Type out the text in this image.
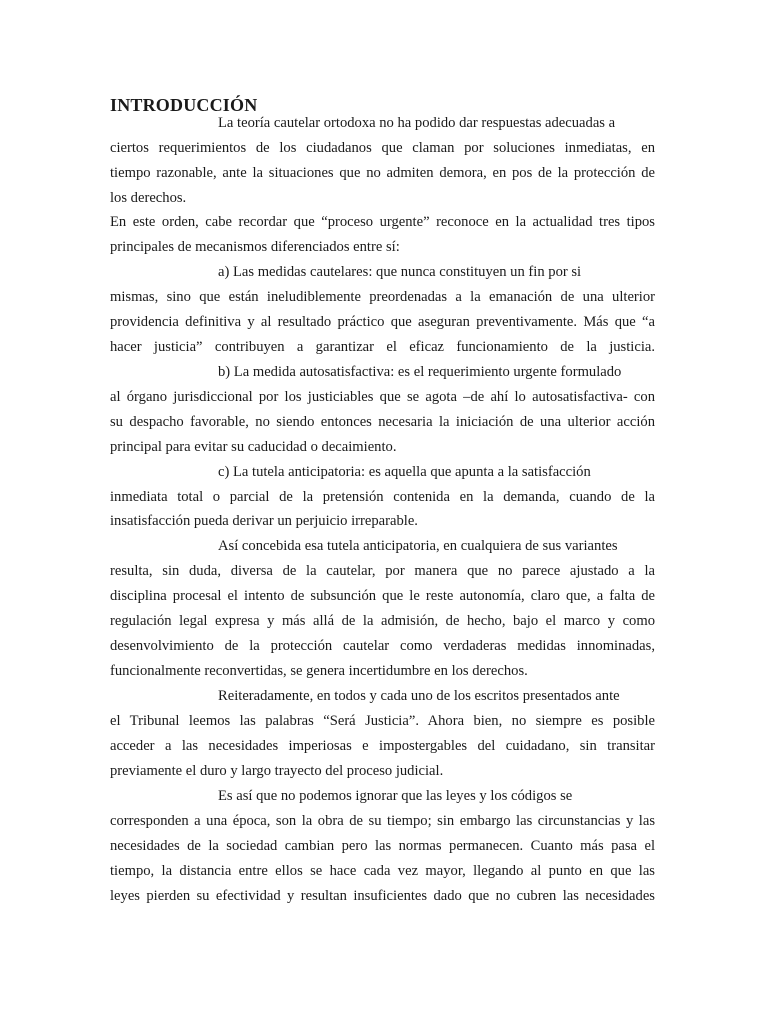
INTRODUCCIÓN

La teoría cautelar ortodoxa no ha podido dar respuestas adecuadas a

ciertos requerimientos de los ciudadanos que claman por soluciones inmediatas, en

tiempo razonable, ante la situaciones que no admiten demora, en pos de la protección de

los derechos.

En este orden, cabe recordar que “proceso urgente” reconoce en la actualidad tres tipos

principales de mecanismos diferenciados entre sí:

a) Las medidas cautelares: que nunca constituyen un fin por si

mismas, sino que están ineludiblemente preordenadas a la emanación de una ulterior

providencia definitiva y al resultado práctico que aseguran preventivamente. Más que “a

hacer justicia” contribuyen a garantizar el eficaz funcionamiento de la justicia.

b) La medida autosatisfactiva: es el requerimiento urgente formulado

al órgano jurisdiccional por los justiciables que se agota –de ahí lo autosatisfactiva- con

su despacho favorable, no siendo entonces necesaria la iniciación de una ulterior acción

principal para evitar su caducidad o decaimiento.

c) La tutela anticipatoria: es aquella que apunta a la satisfacción

inmediata total o parcial de la pretensión contenida en la demanda, cuando de la

insatisfacción pueda derivar un perjuicio irreparable.

Así concebida esa tutela anticipatoria, en cualquiera de sus variantes

resulta, sin duda, diversa de la cautelar, por manera que no parece ajustado a la

disciplina procesal el intento de subsunción que le reste autonomía, claro que, a falta de

regulación legal expresa y más allá de la admisión, de hecho, bajo el marco y como

desenvolvimiento de la protección cautelar como verdaderas medidas innominadas,

funcionalmente reconvertidas, se genera incertidumbre en los derechos.

Reiteradamente, en todos y cada uno de los escritos presentados ante

el Tribunal leemos las palabras “Será Justicia”. Ahora bien, no siempre es posible

acceder a las necesidades imperiosas e impostergables del cuidadano, sin transitar

previamente el duro y largo trayecto del proceso judicial.

Es así que no podemos ignorar que las leyes y los códigos se

corresponden a una época, son la obra de su tiempo; sin embargo las circunstancias y las

necesidades de la sociedad cambian pero las normas permanecen. Cuanto más pasa el

tiempo, la distancia entre ellos se hace cada vez mayor, llegando al punto en que las

leyes pierden su efectividad y resultan insuficientes dado que no cubren las necesidades
